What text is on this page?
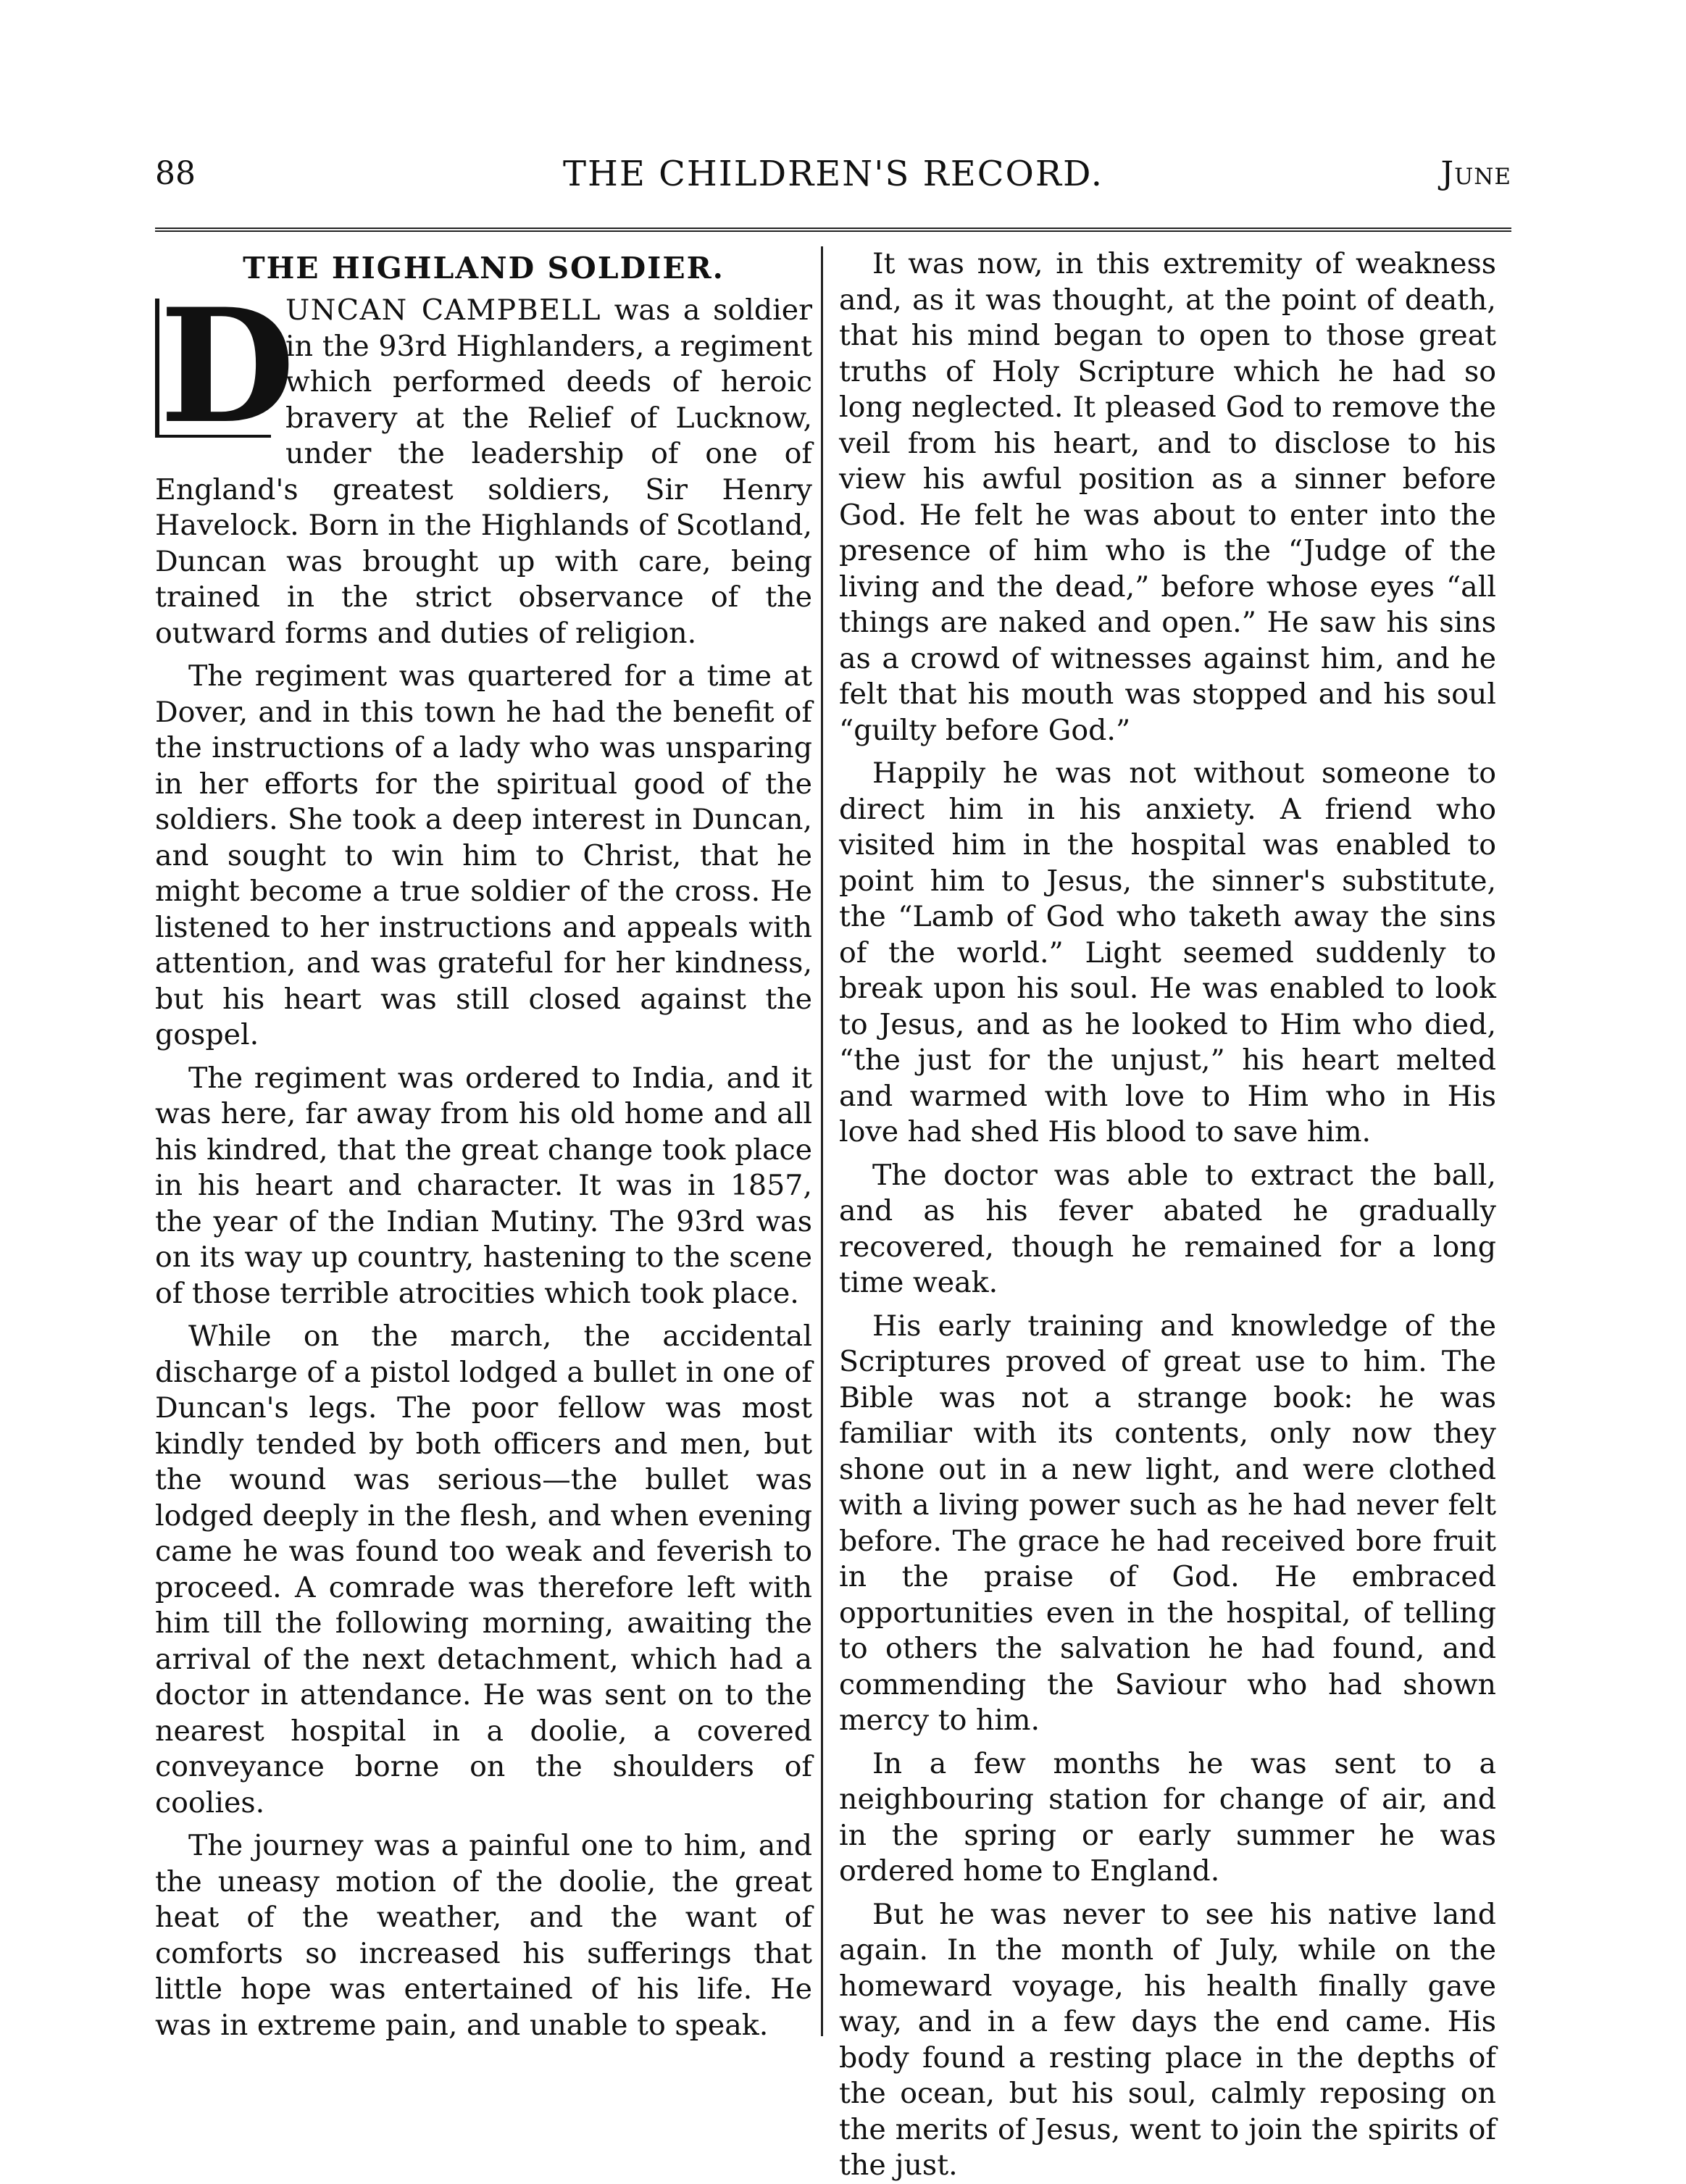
88	THE CHILDREN'S RECORD.	June
THE HIGHLAND SOLDIER.

D
UNCAN CAMPBELL was a soldier in the 93rd Highlanders, a regiment which performed deeds of heroic bravery at the Relief of Lucknow, under the leadership of one of England's greatest soldiers, Sir Henry Havelock. Born in the Highlands of Scotland, Duncan was brought up with care, being trained in the strict observance of the outward forms and duties of religion.

The regiment was quartered for a time at Dover, and in this town he had the benefit of the instructions of a lady who was unsparing in her efforts for the spiritual good of the soldiers. She took a deep interest in Duncan, and sought to win him to Christ, that he might become a true soldier of the cross. He listened to her instructions and appeals with attention, and was grateful for her kindness, but his heart was still closed against the gospel.

The regiment was ordered to India, and it was here, far away from his old home and all his kindred, that the great change took place in his heart and character. It was in 1857, the year of the Indian Mutiny. The 93rd was on its way up country, hastening to the scene of those terrible atrocities which took place.

While on the march, the accidental discharge of a pistol lodged a bullet in one of Duncan's legs. The poor fellow was most kindly tended by both officers and men, but the wound was serious—the bullet was lodged deeply in the flesh, and when evening came he was found too weak and feverish to proceed. A comrade was therefore left with him till the following morning, awaiting the arrival of the next detachment, which had a doctor in attendance. He was sent on to the nearest hospital in a doolie, a covered conveyance borne on the shoulders of coolies.

The journey was a painful one to him, and the uneasy motion of the doolie, the great heat of the weather, and the want of comforts so increased his sufferings that little hope was entertained of his life. He was in extreme pain, and unable to speak.

It was now, in this extremity of weakness and, as it was thought, at the point of death, that his mind began to open to those great truths of Holy Scripture which he had so long neglected. It pleased God to remove the veil from his heart, and to disclose to his view his awful position as a sinner before God. He felt he was about to enter into the presence of him who is the “Judge of the living and the dead,” before whose eyes “all things are naked and open.” He saw his sins as a crowd of witnesses against him, and he felt that his mouth was stopped and his soul “guilty before God.”

Happily he was not without someone to direct him in his anxiety. A friend who visited him in the hospital was enabled to point him to Jesus, the sinner's substitute, the “Lamb of God who taketh away the sins of the world.” Light seemed suddenly to break upon his soul. He was enabled to look to Jesus, and as he looked to Him who died, “the just for the unjust,” his heart melted and warmed with love to Him who in His love had shed His blood to save him.

The doctor was able to extract the ball, and as his fever abated he gradually recovered, though he remained for a long time weak.

His early training and knowledge of the Scriptures proved of great use to him. The Bible was not a strange book: he was familiar with its contents, only now they shone out in a new light, and were clothed with a living power such as he had never felt before. The grace he had received bore fruit in the praise of God. He embraced opportunities even in the hospital, of telling to others the salvation he had found, and commending the Saviour who had shown mercy to him.

In a few months he was sent to a neighbouring station for change of air, and in the spring or early summer he was ordered home to England.

But he was never to see his native land again. In the month of July, while on the homeward voyage, his health finally gave way, and in a few days the end came. His body found a resting place in the depths of the ocean, but his soul, calmly reposing on the merits of Jesus, went to join the spirits of the just.
